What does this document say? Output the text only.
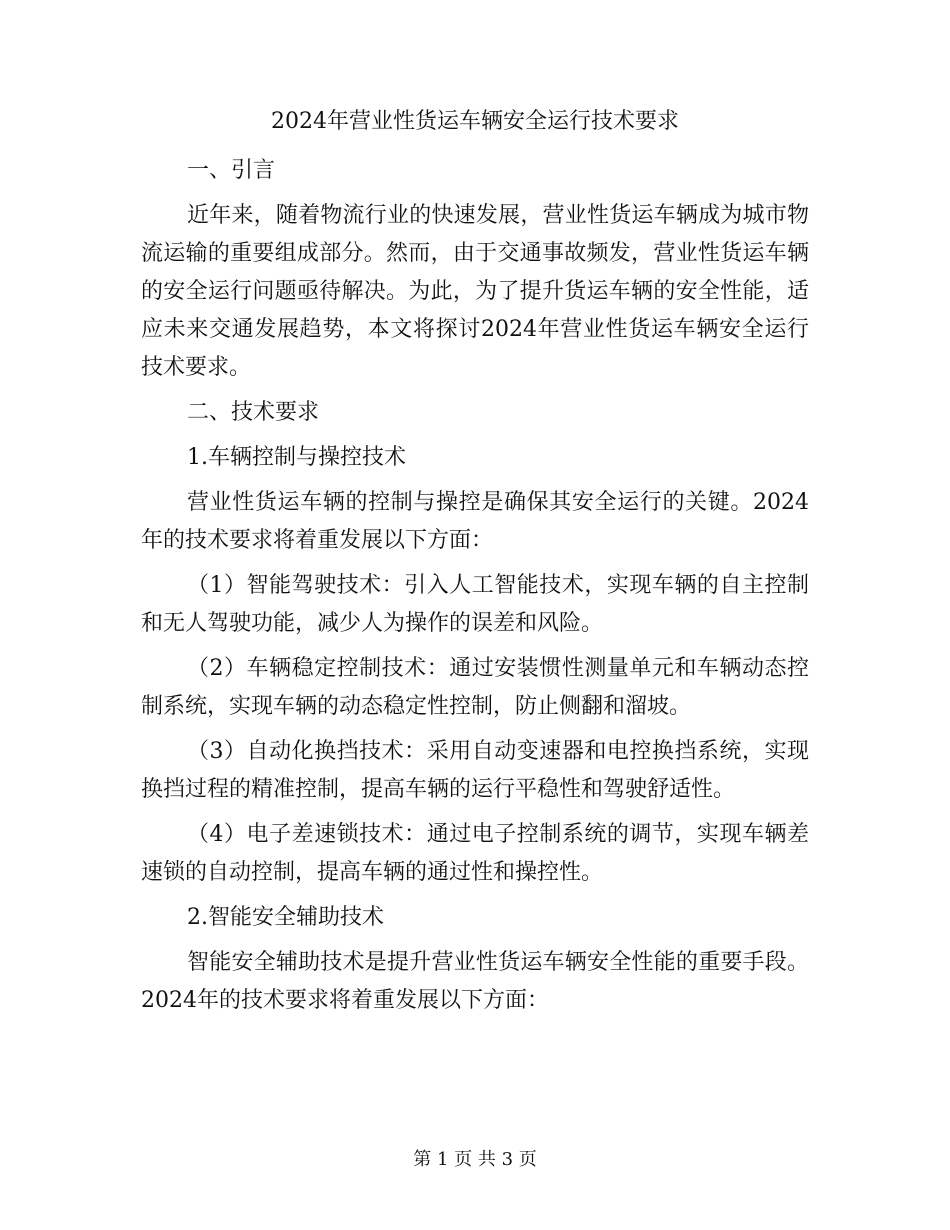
2024年营业性货运车辆安全运行技术要求

一、引言

近年来，随着物流行业的快速发展，营业性货运车辆成为城市物流运输的重要组成部分。然而，由于交通事故频发，营业性货运车辆的安全运行问题亟待解决。为此，为了提升货运车辆的安全性能，适应未来交通发展趋势，本文将探讨2024年营业性货运车辆安全运行技术要求。

二、技术要求

1.车辆控制与操控技术

营业性货运车辆的控制与操控是确保其安全运行的关键。2024年的技术要求将着重发展以下方面：

（1）智能驾驶技术：引入人工智能技术，实现车辆的自主控制和无人驾驶功能，减少人为操作的误差和风险。

（2）车辆稳定控制技术：通过安装惯性测量单元和车辆动态控制系统，实现车辆的动态稳定性控制，防止侧翻和溜坡。

（3）自动化换挡技术：采用自动变速器和电控换挡系统，实现换挡过程的精准控制，提高车辆的运行平稳性和驾驶舒适性。

（4）电子差速锁技术：通过电子控制系统的调节，实现车辆差速锁的自动控制，提高车辆的通过性和操控性。

2.智能安全辅助技术

智能安全辅助技术是提升营业性货运车辆安全性能的重要手段。2024年的技术要求将着重发展以下方面：

第 1 页 共 3 页
